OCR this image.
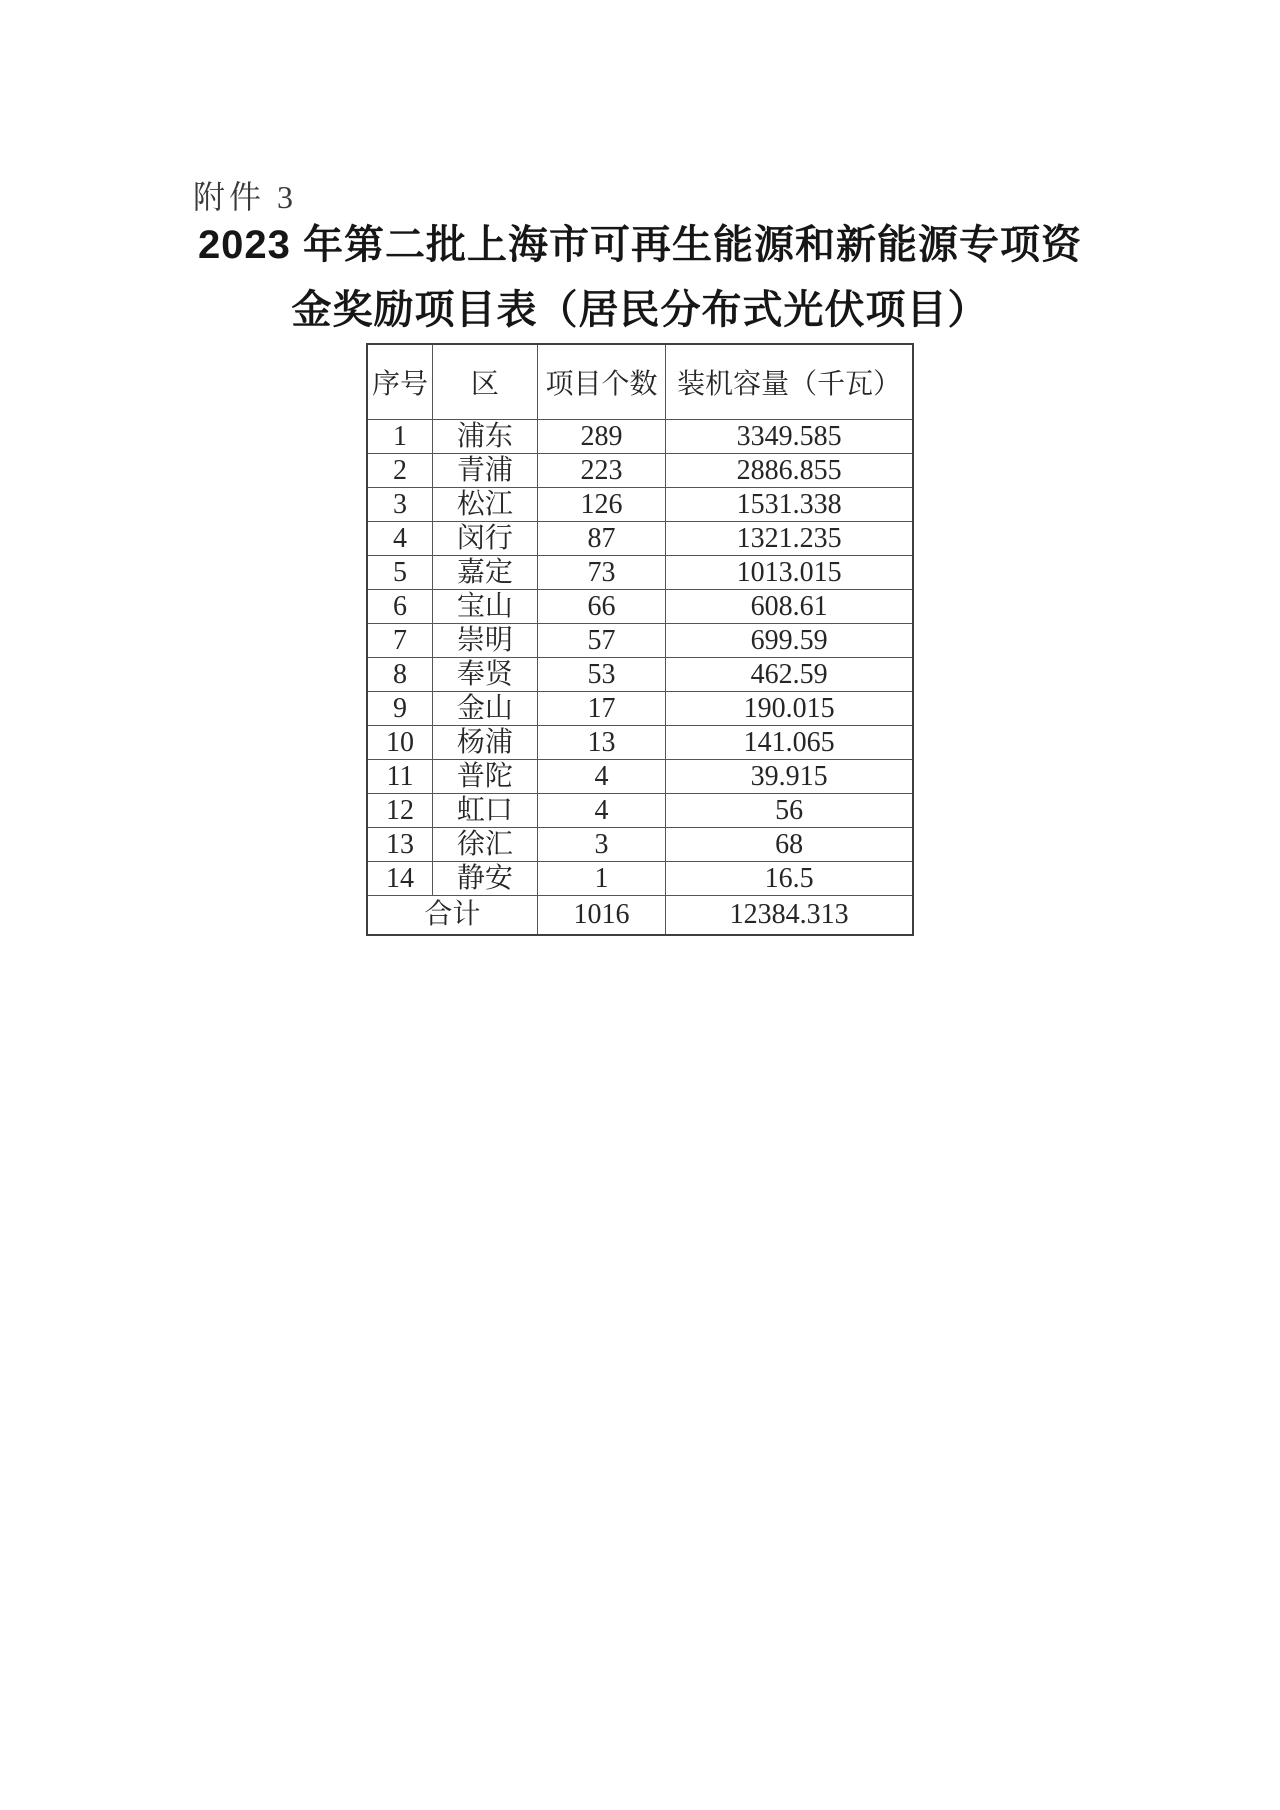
附件 3
2023 年第二批上海市可再生能源和新能源专项资
金奖励项目表（居民分布式光伏项目）
序号	区	项目个数	装机容量（千瓦）
1	浦东	289	3349.585
2	青浦	223	2886.855
3	松江	126	1531.338
4	闵行	87	1321.235
5	嘉定	73	1013.015
6	宝山	66	608.61
7	崇明	57	699.59
8	奉贤	53	462.59
9	金山	17	190.015
10	杨浦	13	141.065
11	普陀	4	39.915
12	虹口	4	56
13	徐汇	3	68
14	静安	1	16.5
合计		1016	12384.313
